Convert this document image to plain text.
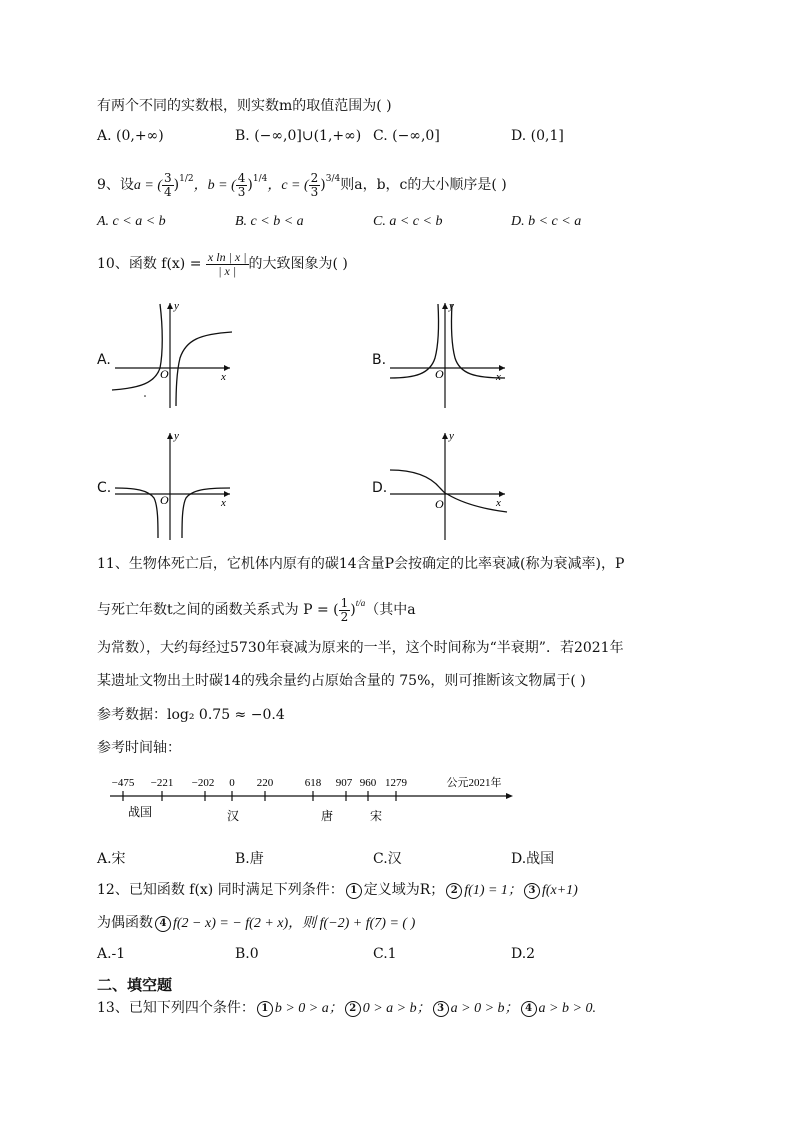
有两个不同的实数根，则实数m的取值范围为( )
A. (0,+∞)	B. (−∞,0]∪(1,+∞) C. (−∞,0]	D. (0,1]
9、设a = ( $\frac{3}{4} )^{1/2}$，b = ( $\frac{4}{3} )^{1/4}$，c = ( $\frac{2}{3} )^{3/4}$则a，b，c的大小顺序是( )
A. c < a < b	B. c < b < a	C. a < c < b	D. b < c < a
10、函数 $f(x) = \frac{\text{x ln | x |}}{| x |}$ 的大致图象为( )
A.
y
x
O
B.
y
x
O
C.
y
x
O
D.
y
x
O
11、生物体死亡后，它机体内原有的碳14含量P会按确定的比率衰减(称为衰减率)，P
与死亡年数t之间的函数关系式为 P = ( $\frac{1}{2} )^{t/a}$（其中a
为常数），大约每经过5730年衰减为原来的一半，这个时间称为“半衰期”．若2021年
某遗址文物出土时碳14的残余量约占原始含量的 75%，则可推断该文物属于( )
参考数据：log₂ 0.75 ≈ −0.4
参考时间轴：
−475 −221 −202 0 220	618 907 960 1279	公元2021年
战国	汉	唐	宋
A.宋	B.唐	C.汉	D.战国
12、已知函数 f(x) 同时满足下列条件： 1 定义域为R； 2 f(1) = 1； 3 f(x+1)
为偶函数 4 f(2 − x) = − f(2 + x)，则 f(−2) + f(7) = ( )
A.-1	B.0	C.1	D.2
二、填空题
13、已知下列四个条件： 1 b > 0 > a； 2 0 > a > b； 3 a > 0 > b； 4 a > b > 0.
